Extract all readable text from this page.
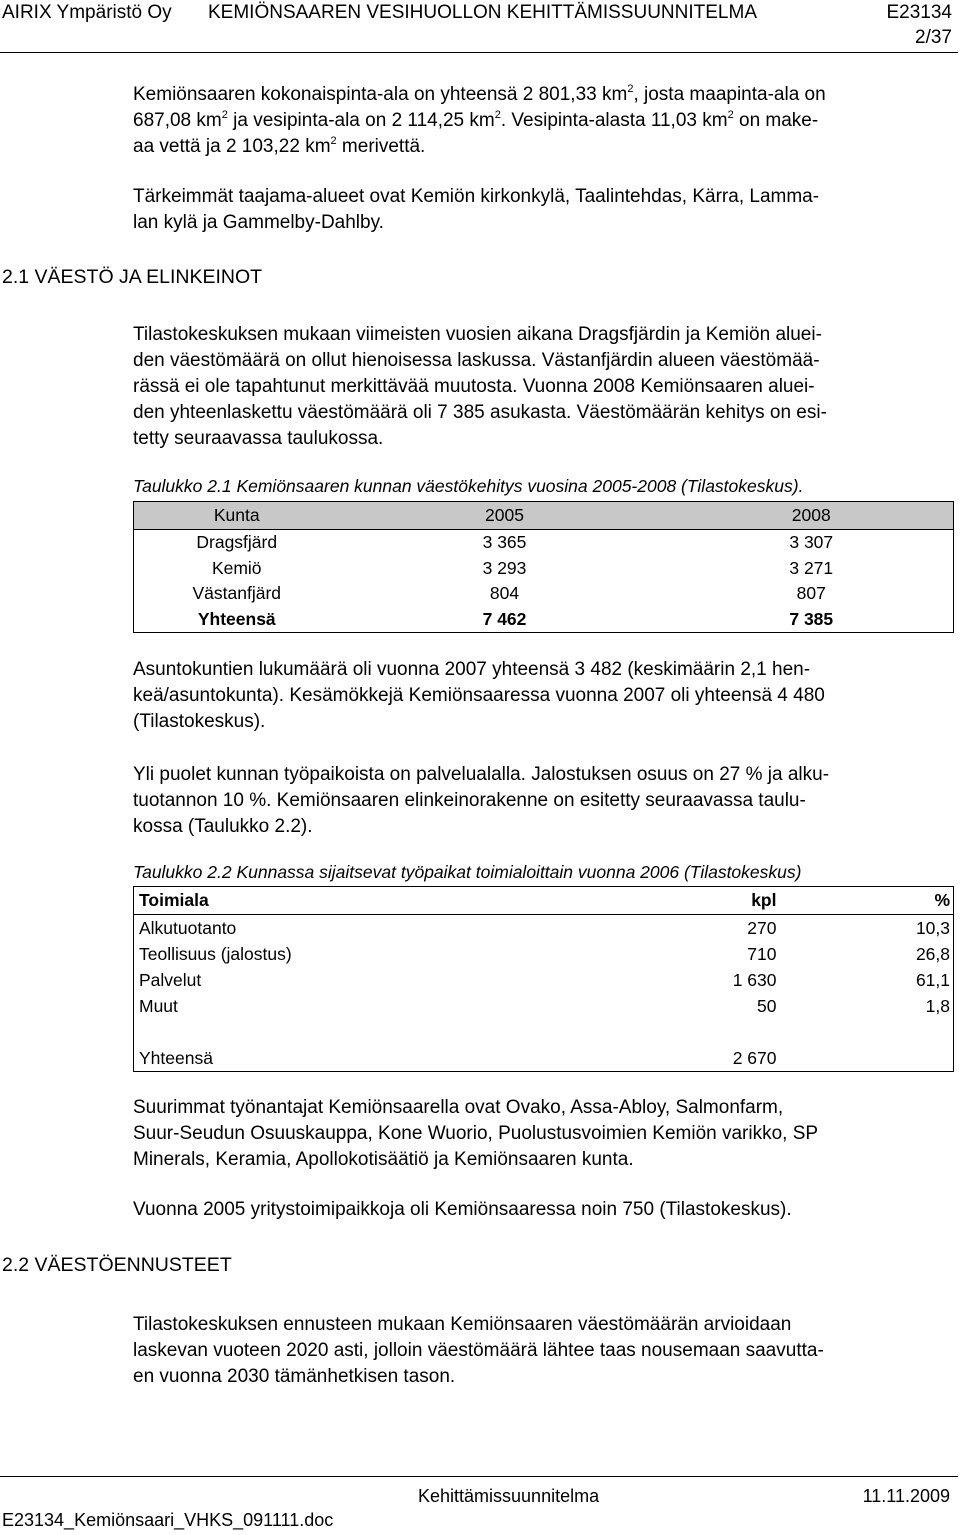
AIRIX Ympäristö Oy KEMIÖNSAAREN VESIHUOLLON KEHITTÄMISSUUNNITELMA	E23134
2/37
Kemiönsaaren kokonaispinta-ala on yhteensä 2 801,33 $km^2$, josta maapinta-ala on
687,08 $km^2$ ja vesipinta-ala on 2 114,25 $km^2$. Vesipinta-alasta 11,03 $km^2$ on make-
aa vettä ja 2 103,22 $km^2$ merivettä.
Tärkeimmät taajama-alueet ovat Kemiön kirkonkylä, Taalintehdas, Kärra, Lamma-
lan kylä ja Gammelby-Dahlby.
2.1 VÄESTÖ JA ELINKEINOT
Tilastokeskuksen mukaan viimeisten vuosien aikana Dragsfjärdin ja Kemiön aluei-
den väestömäärä on ollut hienoisessa laskussa. Västanfjärdin alueen väestömää-
rässä ei ole tapahtunut merkittävää muutosta. Vuonna 2008 Kemiönsaaren aluei-
den yhteenlaskettu väestömäärä oli 7 385 asukasta. Väestömäärän kehitys on esi-
tetty seuraavassa taulukossa.
Taulukko 2.1 Kemiönsaaren kunnan väestökehitys vuosina 2005-2008 (Tilastokeskus).
Kunta	2005	2008
Dragsfjärd	3 365	3 307
Kemiö	3 293	3 271
Västanfjärd	804	807
Yhteensä	7 462	7 385
Asuntokuntien lukumäärä oli vuonna 2007 yhteensä 3 482 (keskimäärin 2,1 hen-
keä/asuntokunta). Kesämökkejä Kemiönsaaressa vuonna 2007 oli yhteensä 4 480
(Tilastokeskus).
Yli puolet kunnan työpaikoista on palvelualalla. Jalostuksen osuus on 27 % ja alku-
tuotannon 10 %. Kemiönsaaren elinkeinorakenne on esitetty seuraavassa taulu-
kossa (Taulukko 2.2).
Taulukko 2.2 Kunnassa sijaitsevat työpaikat toimialoittain vuonna 2006 (Tilastokeskus)
Toimiala	kpl	%
Alkutuotanto	270	10,3
Teollisuus (jalostus)	710	26,8
Palvelut	1 630	61,1
Muut	50	1,8

Yhteensä	2 670	
Suurimmat työnantajat Kemiönsaarella ovat Ovako, Assa-Abloy, Salmonfarm,
Suur-Seudun Osuuskauppa, Kone Wuorio, Puolustusvoimien Kemiön varikko, SP
Minerals, Keramia, Apollokotisäätiö ja Kemiönsaaren kunta.
Vuonna 2005 yritystoimipaikkoja oli Kemiönsaaressa noin 750 (Tilastokeskus).
2.2 VÄESTÖENNUSTEET
Tilastokeskuksen ennusteen mukaan Kemiönsaaren väestömäärän arvioidaan
laskevan vuoteen 2020 asti, jolloin väestömäärä lähtee taas nousemaan saavutta-
en vuonna 2030 tämänhetkisen tason.
E23134_Kemiönsaari_VHKS_091111.doc
Kehittämissuunnitelma	11.11.2009
